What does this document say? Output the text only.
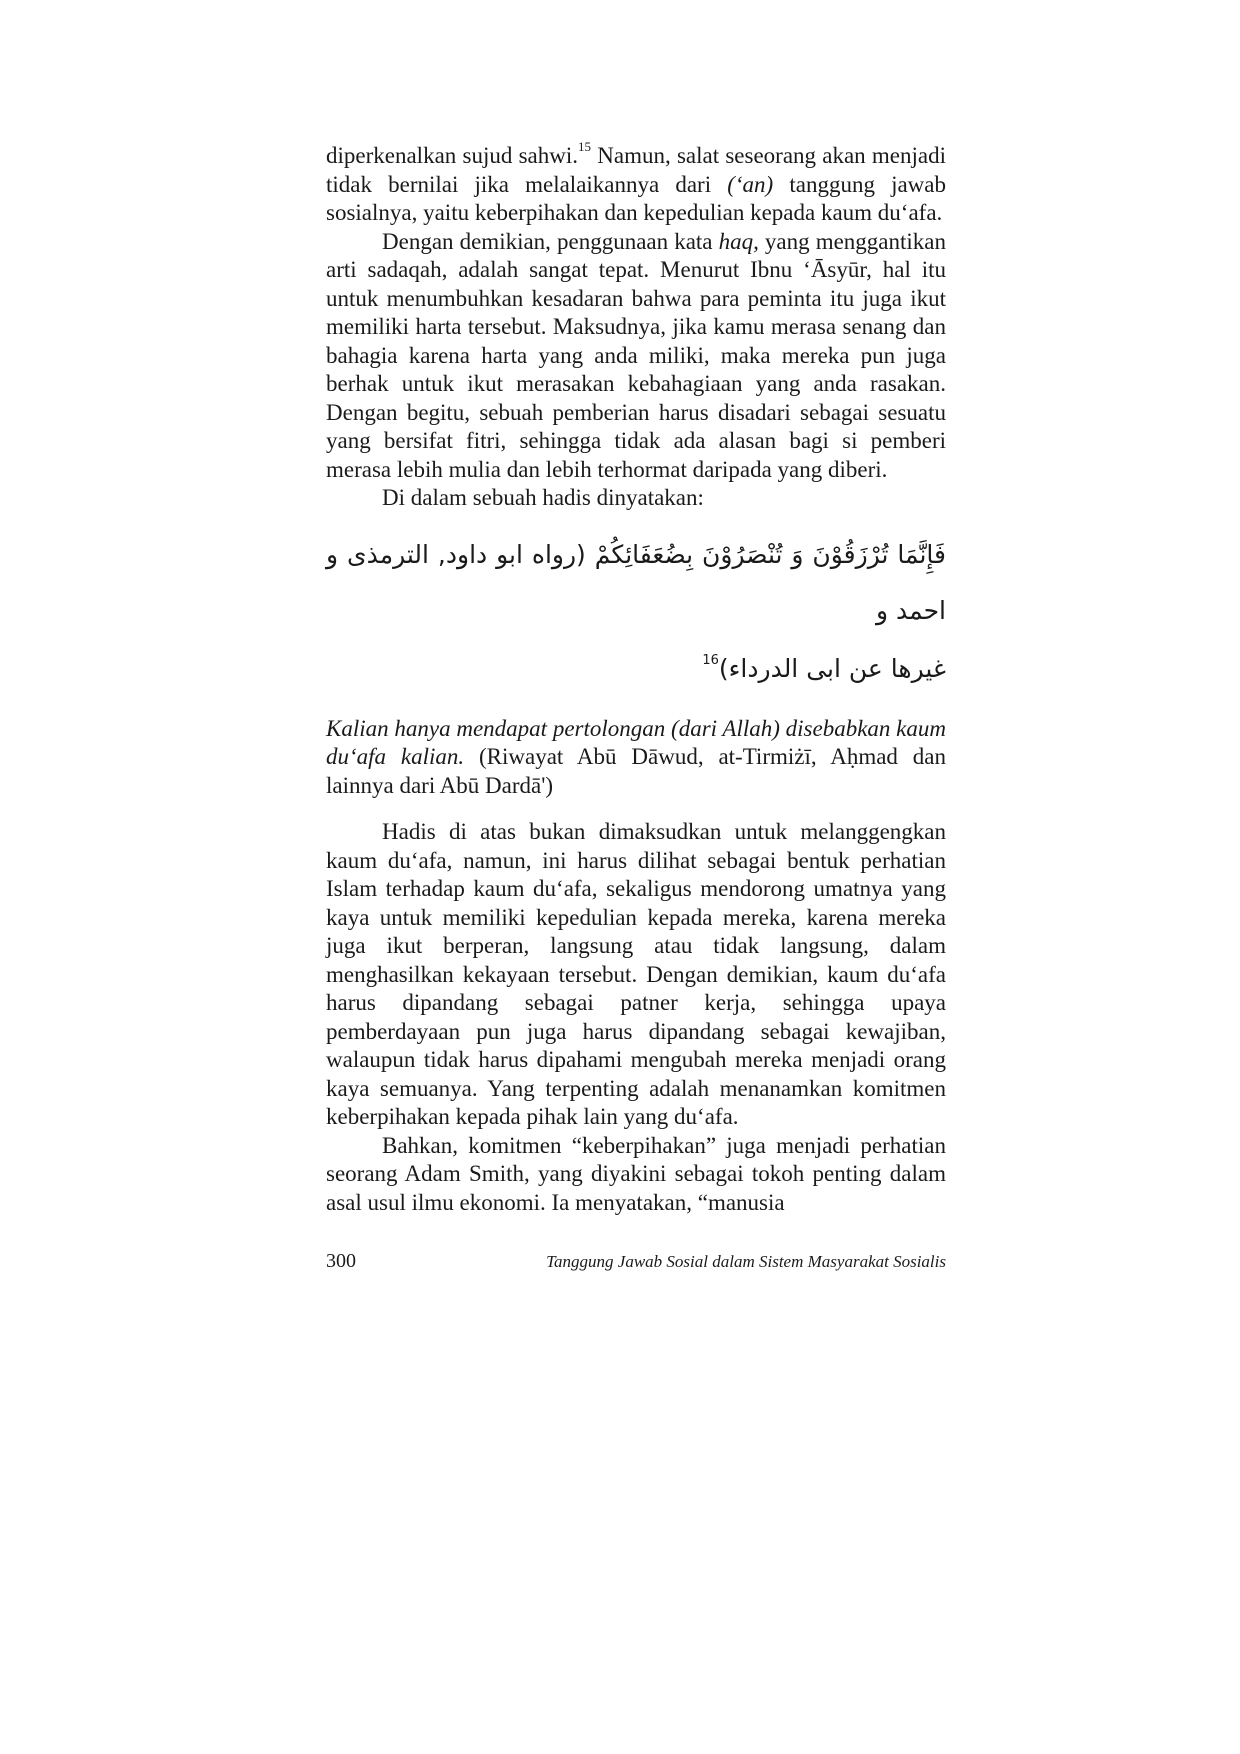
diperkenalkan sujud sahwi.$^{15}$ Namun, salat seseorang akan menjadi tidak bernilai jika melalaikannya dari (‘an) tanggung jawab sosialnya, yaitu keberpihakan dan kepedulian kepada kaum du‘afa.

Dengan demikian, penggunaan kata haq, yang menggantikan arti sadaqah, adalah sangat tepat. Menurut Ibnu ‘Āsyūr, hal itu untuk menumbuhkan kesadaran bahwa para peminta itu juga ikut memiliki harta tersebut. Maksudnya, jika kamu merasa senang dan bahagia karena harta yang anda miliki, maka mereka pun juga berhak untuk ikut merasakan kebahagiaan yang anda rasakan. Dengan begitu, sebuah pemberian harus disadari sebagai sesuatu yang bersifat fitri, sehingga tidak ada alasan bagi si pemberi merasa lebih mulia dan lebih terhormat daripada yang diberi.

Di dalam sebuah hadis dinyatakan:

فَإِنَّمَا تُرْزَقُوْنَ وَ تُنْصَرُوْنَ بِضُعَفَائِكُمْ (رواه ابو داود, الترمذى و احمد و
غيرها عن ابى الدرداء)$^{16}$

Kalian hanya mendapat pertolongan (dari Allah) disebabkan kaum du‘afa kalian. (Riwayat Abū Dāwud, at-Tirmiżī, Aḥmad dan lainnya dari Abū Dardā')

Hadis di atas bukan dimaksudkan untuk melanggengkan kaum du‘afa, namun, ini harus dilihat sebagai bentuk perhatian Islam terhadap kaum du‘afa, sekaligus mendorong umatnya yang kaya untuk memiliki kepedulian kepada mereka, karena mereka juga ikut berperan, langsung atau tidak langsung, dalam menghasilkan kekayaan tersebut. Dengan demikian, kaum du‘afa harus dipandang sebagai patner kerja, sehingga upaya pemberdayaan pun juga harus dipandang sebagai kewajiban, walaupun tidak harus dipahami mengubah mereka menjadi orang kaya semuanya. Yang terpenting adalah menanamkan komitmen keberpihakan kepada pihak lain yang du‘afa.

Bahkan, komitmen “keberpihakan” juga menjadi perhatian seorang Adam Smith, yang diyakini sebagai tokoh penting dalam asal usul ilmu ekonomi. Ia menyatakan, “manusia

300	Tanggung Jawab Sosial dalam Sistem Masyarakat Sosialis
